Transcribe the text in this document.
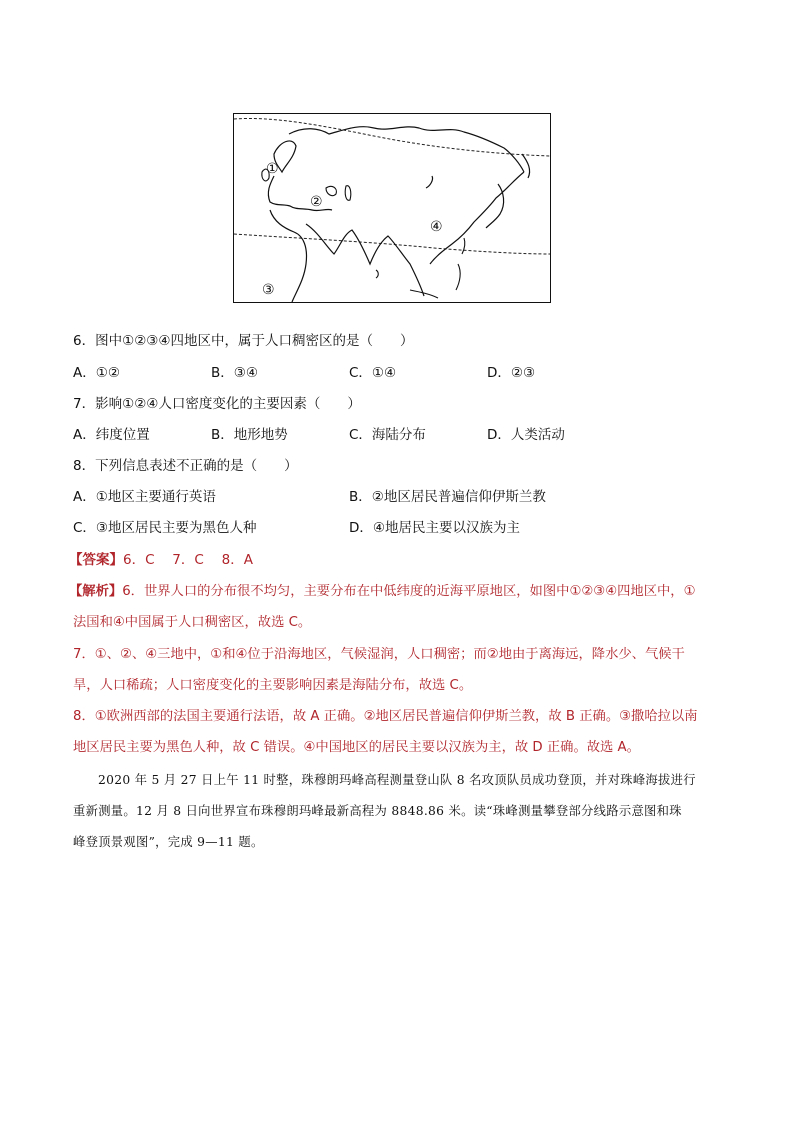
①
②
③
④
6．图中①②③④四地区中，属于人口稠密区的是（　　）
A．①②	B．③④	C．①④	D．②③
7．影响①②④人口密度变化的主要因素（　　）
A．纬度位置	B．地形地势	C．海陆分布	D．人类活动
8．下列信息表述不正确的是（　　）
A．①地区主要通行英语	B．②地区居民普遍信仰伊斯兰教
C．③地区居民主要为黑色人种	D．④地居民主要以汉族为主
【答案】6．C　 7．C　 8．A
【解析】6．世界人口的分布很不均匀，主要分布在中低纬度的近海平原地区，如图中①②③④四地区中，①
法国和④中国属于人口稠密区，故选 C。
7．①、②、④三地中，①和④位于沿海地区，气候湿润，人口稠密；而②地由于离海远，降水少、气候干
旱，人口稀疏；人口密度变化的主要影响因素是海陆分布，故选 C。
8．①欧洲西部的法国主要通行法语，故 A 正确。②地区居民普遍信仰伊斯兰教，故 B 正确。③撒哈拉以南
地区居民主要为黑色人种，故 C 错误。④中国地区的居民主要以汉族为主，故 D 正确。故选 A。
2020 年 5 月 27 日上午 11 时整，珠穆朗玛峰高程测量登山队 8 名攻顶队员成功登顶，并对珠峰海拔进行
重新测量。12 月 8 日向世界宣布珠穆朗玛峰最新高程为 8848.86 米。读“珠峰测量攀登部分线路示意图和珠
峰登顶景观图”，完成 9—11 题。
